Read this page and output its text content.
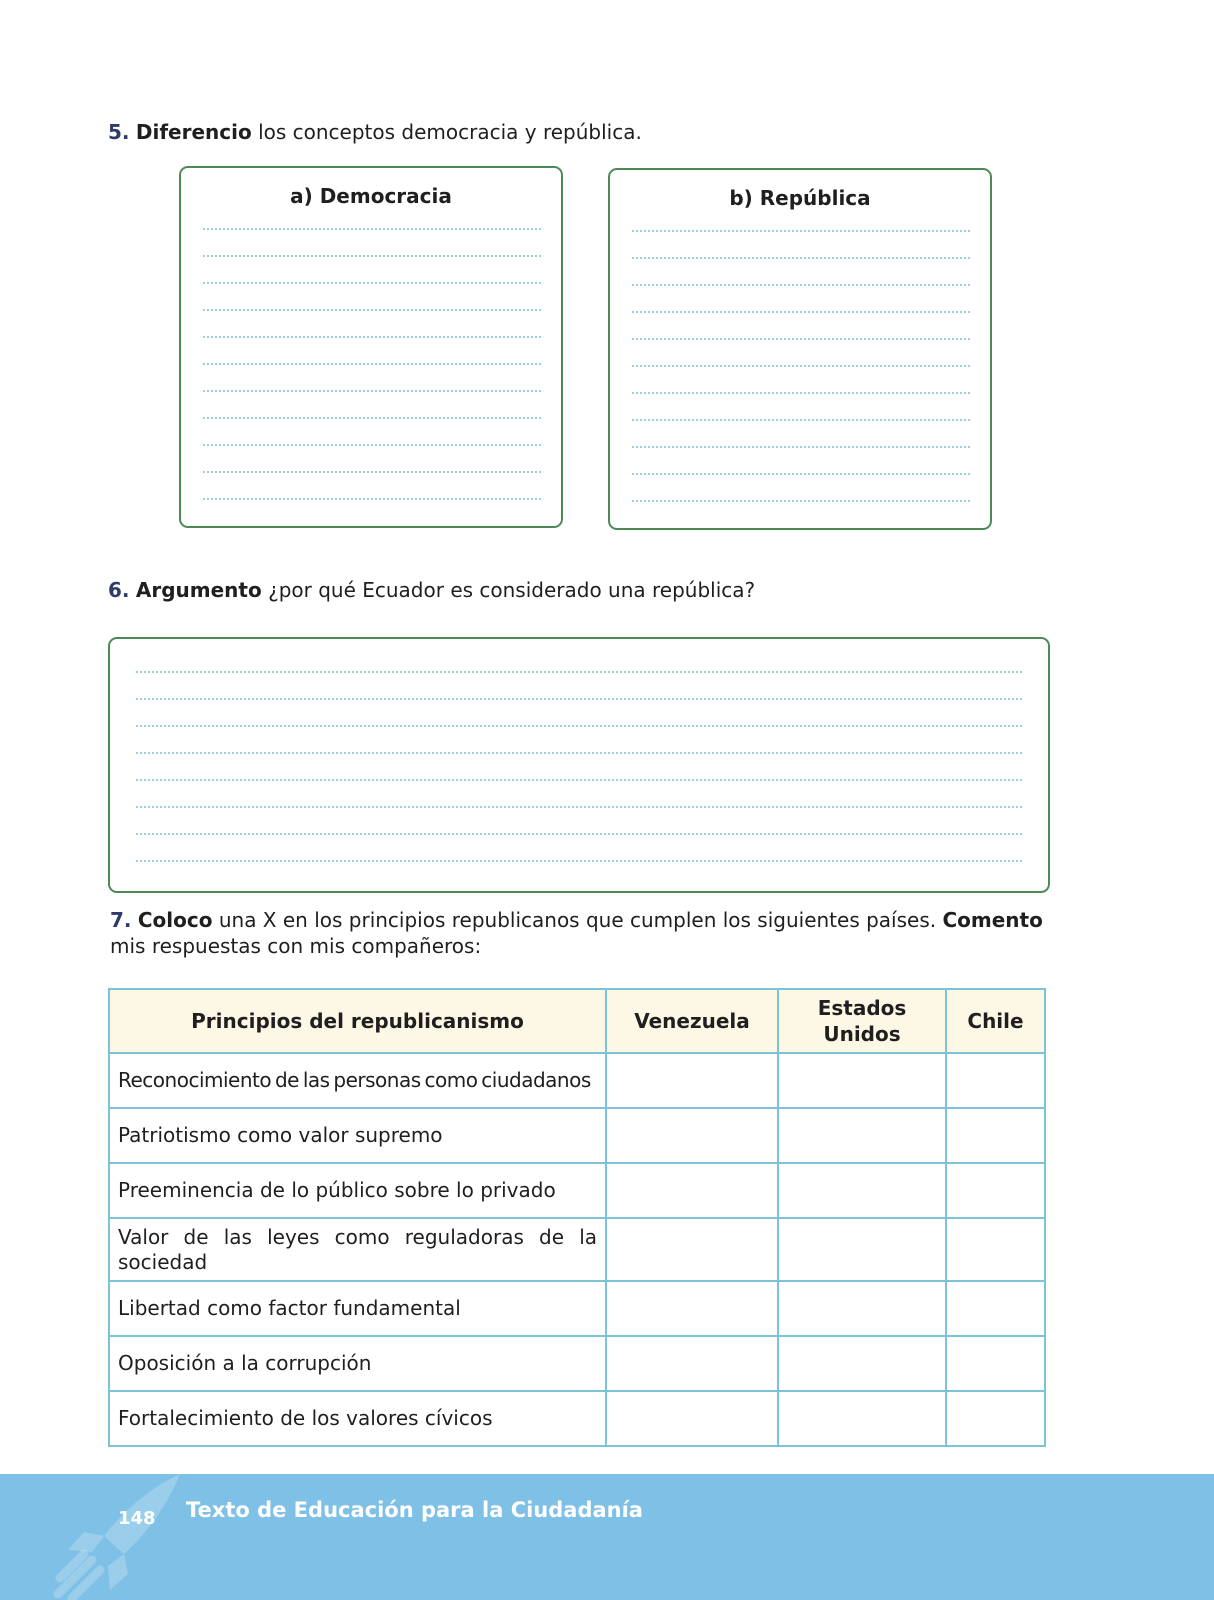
5. Diferencio los conceptos democracia y república.
a) Democracia	b) República
6. Argumento ¿por qué Ecuador es considerado una república?
7. Coloco una X en los principios republicanos que cumplen los siguientes países. Comento mis respuestas con mis compañeros:
Principios del republicanismo	Venezuela	Estados Unidos	Chile
Reconocimiento de las personas como ciudadanos			
Patriotismo como valor supremo			
Preeminencia de lo público sobre lo privado			
Valor de las leyes como reguladoras de la sociedad			
Libertad como factor fundamental			
Oposición a la corrupción			
Fortalecimiento de los valores cívicos			
148 Texto de Educación para la Ciudadanía
